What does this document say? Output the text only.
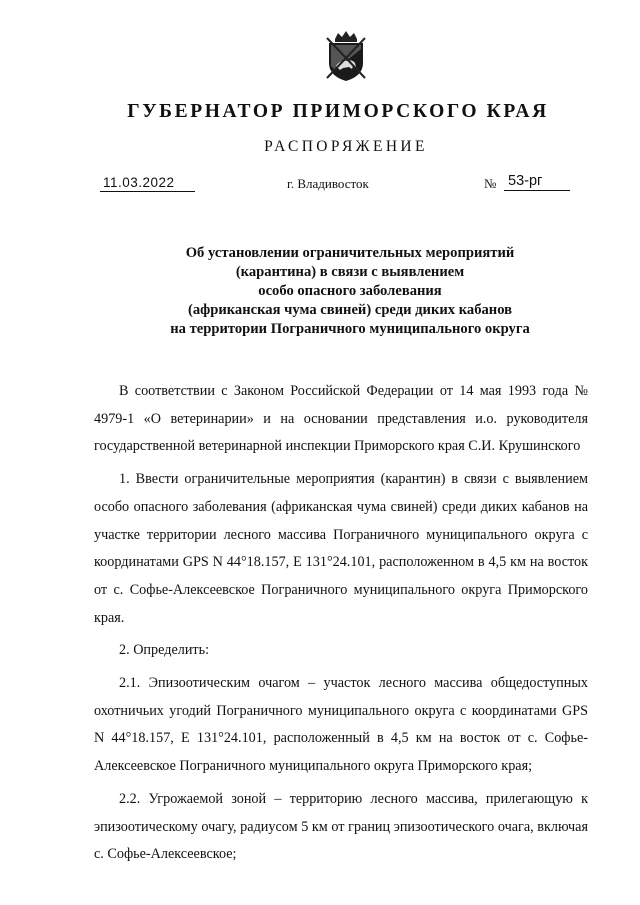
ГУБЕРНАТОР ПРИМОРСКОГО КРАЯ
РАСПОРЯЖЕНИЕ
11.03.2022	г. Владивосток	№ 53-рг
Об установлении ограничительных мероприятий
(карантина) в связи с выявлением
особо опасного заболевания
(африканская чума свиней) среди диких кабанов
на территории Пограничного муниципального округа

В соответствии с Законом Российской Федерации от 14 мая 1993 года № 4979-1 «О ветеринарии» и на основании представления и.о. руководителя государственной ветеринарной инспекции Приморского края С.И. Крушинского

1. Ввести ограничительные мероприятия (карантин) в связи с выявлением особо опасного заболевания (африканская чума свиней) среди диких кабанов на участке территории лесного массива Пограничного муниципального округа с координатами GPS N 44°18.157, E 131°24.101, расположенном в 4,5 км на восток от с. Софье-Алексеевское Пограничного муниципального округа Приморского края.

2. Определить:

2.1. Эпизоотическим очагом – участок лесного массива общедоступных охотничьих угодий Пограничного муниципального округа с координатами GPS N 44°18.157, E 131°24.101, расположенный в 4,5 км на восток от с. Софье-Алексеевское Пограничного муниципального округа Приморского края;

2.2. Угрожаемой зоной – территорию лесного массива, прилегающую к эпизоотическому очагу, радиусом 5 км от границ эпизоотического очага, включая с. Софье-Алексеевское;
